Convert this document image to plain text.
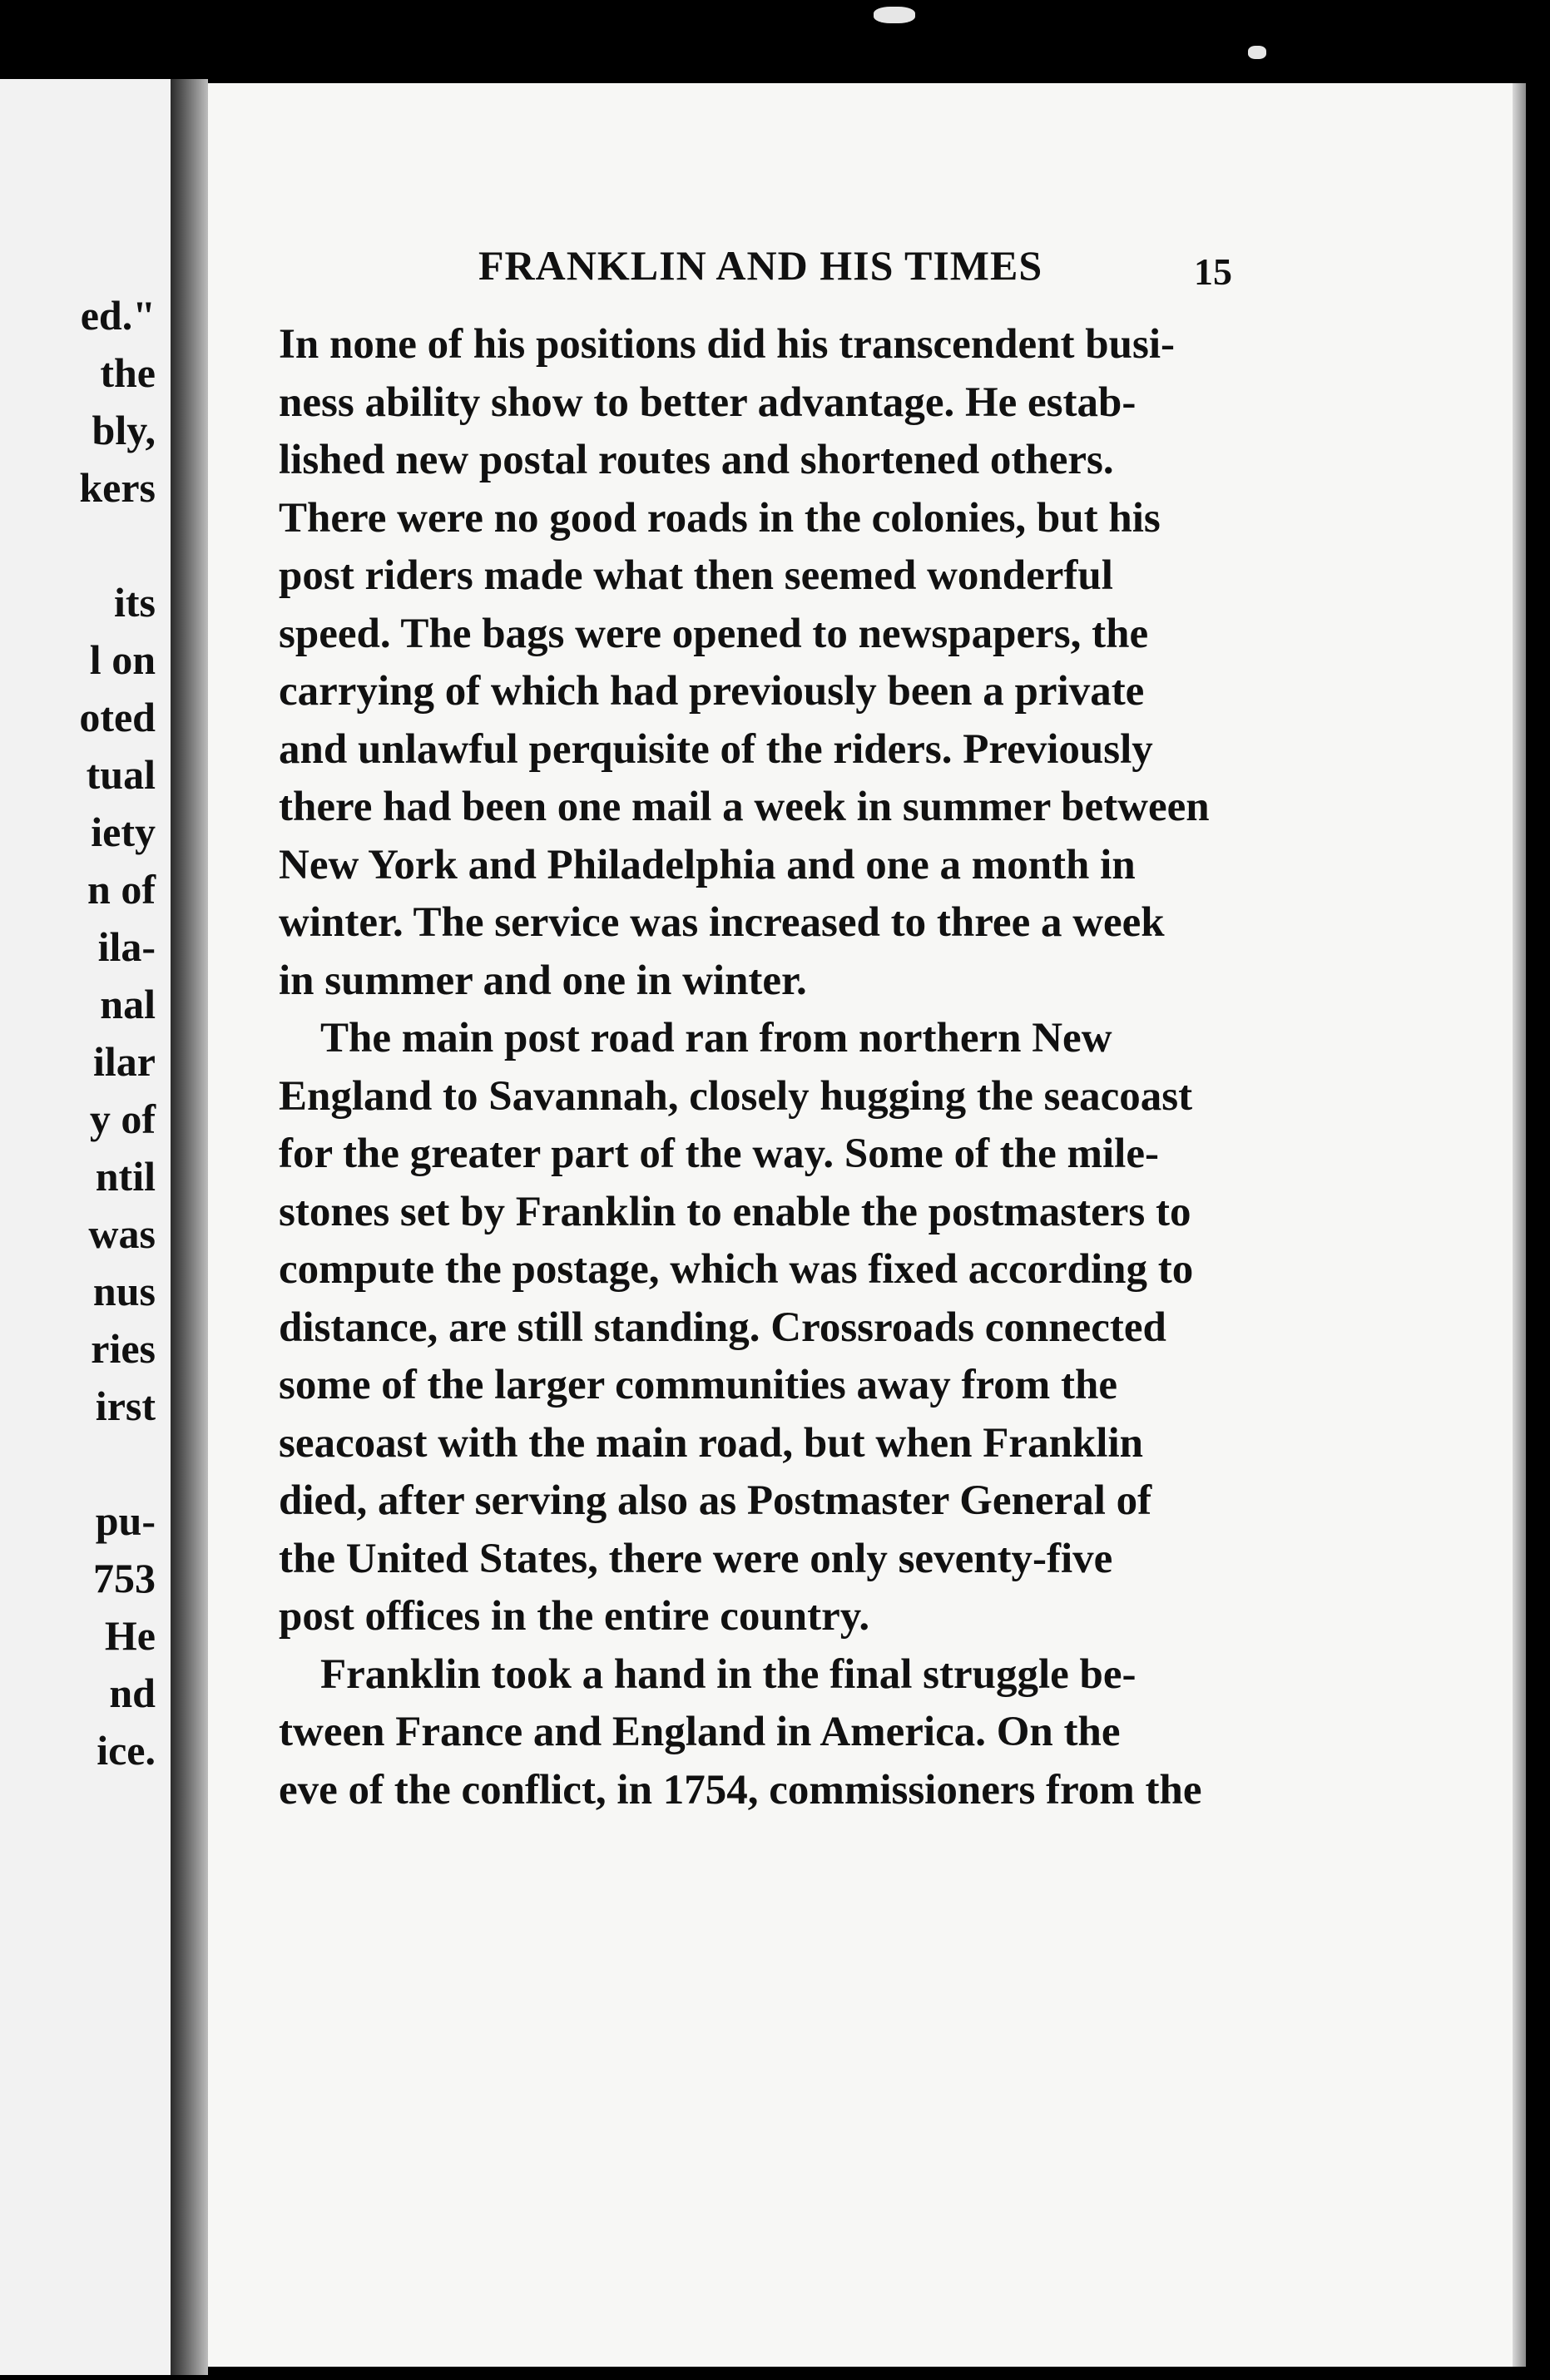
ed."
the
bly,
kers
its
l on
oted
tual
iety
n of
ila-
nal
ilar
y of
ntil
was
nus
ries
irst
pu-
753
He
nd
ice.
FRANKLIN AND HIS TIMES	15
In none of his positions did his transcendent busi-
ness ability show to better advantage. He estab-
lished new postal routes and shortened others.
There were no good roads in the colonies, but his
post riders made what then seemed wonderful
speed. The bags were opened to newspapers, the
carrying of which had previously been a private
and unlawful perquisite of the riders. Previously
there had been one mail a week in summer between
New York and Philadelphia and one a month in
winter. The service was increased to three a week
in summer and one in winter.
The main post road ran from northern New
England to Savannah, closely hugging the seacoast
for the greater part of the way. Some of the mile-
stones set by Franklin to enable the postmasters to
compute the postage, which was fixed according to
distance, are still standing. Crossroads connected
some of the larger communities away from the
seacoast with the main road, but when Franklin
died, after serving also as Postmaster General of
the United States, there were only seventy-five
post offices in the entire country.
Franklin took a hand in the final struggle be-
tween France and England in America. On the
eve of the conflict, in 1754, commissioners from the
